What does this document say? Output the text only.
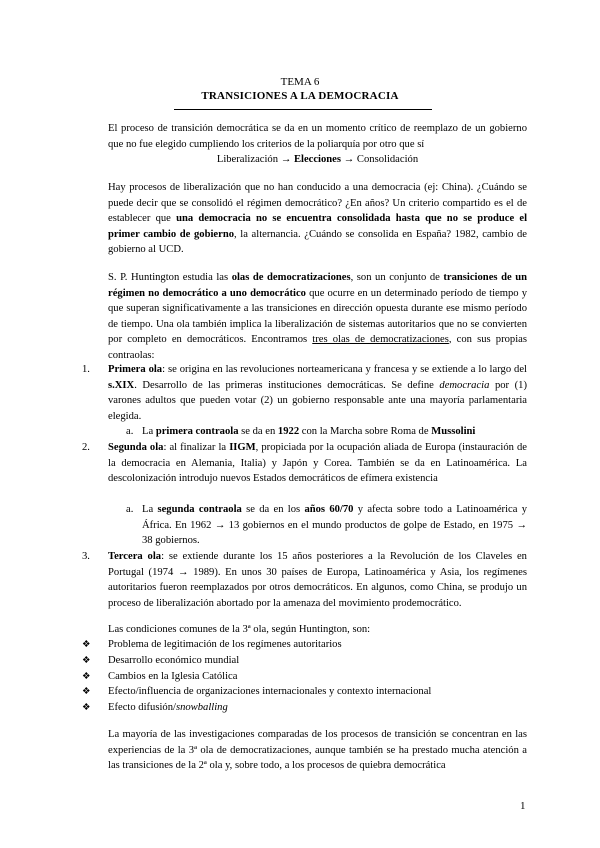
TEMA 6
TRANSICIONES A LA DEMOCRACIA
El proceso de transición democrática se da en un momento crítico de reemplazo de un gobierno que no fue elegido cumpliendo los criterios de la poliarquía por otro que sí
Liberalización → Elecciones → Consolidación
Hay procesos de liberalización que no han conducido a una democracia (ej: China). ¿Cuándo se puede decir que se consolidó el régimen democrático? ¿En años? Un criterio compartido es el de establecer que una democracia no se encuentra consolidada hasta que no se produce el primer cambio de gobierno, la alternancia. ¿Cuándo se consolida en España? 1982, cambio de gobierno al UCD.
S. P. Huntington estudia las olas de democratizaciones, son un conjunto de transiciones de un régimen no democrático a uno democrático que ocurre en un determinado período de tiempo y que superan significativamente a las transiciones en dirección opuesta durante ese mismo período de tiempo. Una ola también implica la liberalización de sistemas autoritarios que no se convierten por completo en democráticos. Encontramos tres olas de democratizaciones, con sus propias contraolas:
1. Primera ola: se origina en las revoluciones norteamericana y francesa y se extiende a lo largo del s.XIX. Desarrollo de las primeras instituciones democráticas. Se define democracia por (1) varones adultos que pueden votar (2) un gobierno responsable ante una mayoría parlamentaria elegida.
a. La primera contraola se da en 1922 con la Marcha sobre Roma de Mussolini
2. Segunda ola: al finalizar la IIGM, propiciada por la ocupación aliada de Europa (instauración de la democracia en Alemania, Italia) y Japón y Corea. También se da en Latinoamérica. La descolonización introdujo nuevos Estados democráticos de efímera existencia
a. La segunda contraola se da en los años 60/70 y afecta sobre todo a Latinoamérica y África. En 1962 → 13 gobiernos en el mundo productos de golpe de Estado, en 1975 → 38 gobiernos.
3. Tercera ola: se extiende durante los 15 años posteriores a la Revolución de los Claveles en Portugal (1974 → 1989). En unos 30 países de Europa, Latinoamérica y Asia, los regímenes autoritarios fueron reemplazados por otros democráticos. En algunos, como China, se produjo un proceso de liberalización abortado por la amenaza del movimiento prodemocrático.
Las condiciones comunes de la 3ª ola, según Huntington, son:
❖ Problema de legitimación de los regímenes autoritarios
❖ Desarrollo económico mundial
❖ Cambios en la Iglesia Católica
❖ Efecto/influencia de organizaciones internacionales y contexto internacional
❖ Efecto difusión/snowballing
La mayoría de las investigaciones comparadas de los procesos de transición se concentran en las experiencias de la 3ª ola de democratizaciones, aunque también se ha prestado mucha atención a las transiciones de la 2ª ola y, sobre todo, a los procesos de quiebra democrática
1
